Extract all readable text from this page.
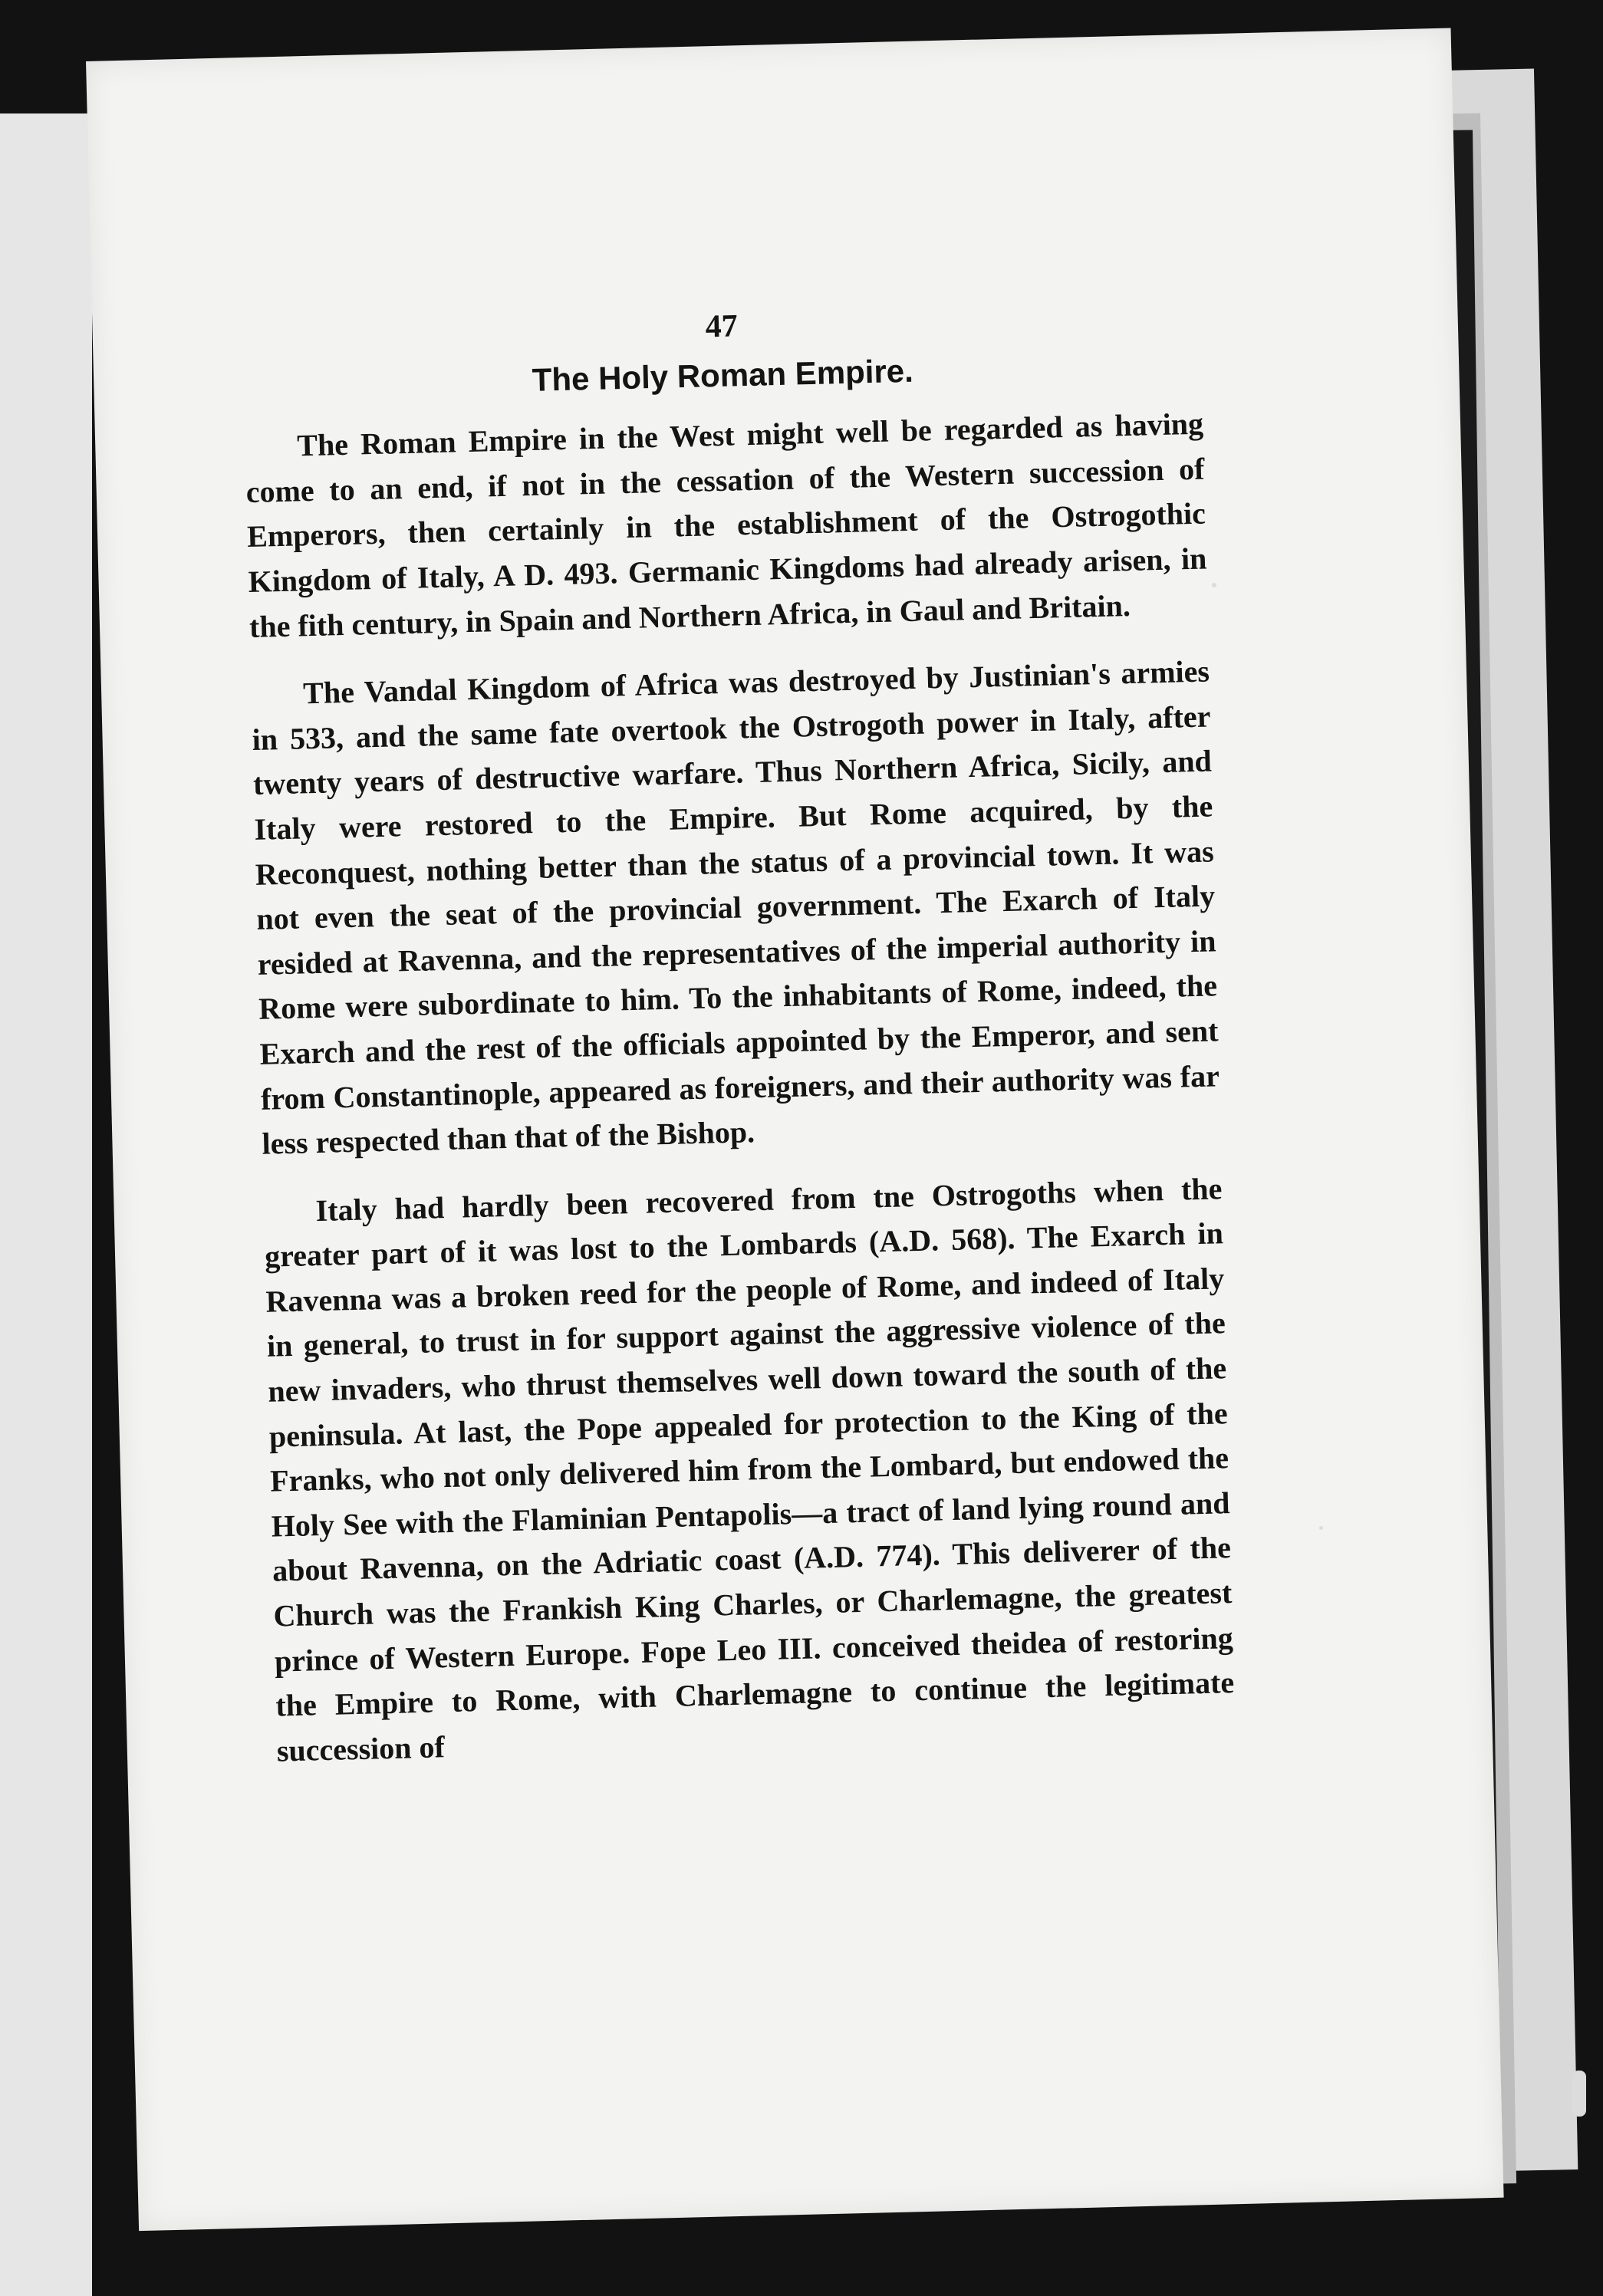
47
The Holy Roman Empire.

The Roman Empire in the West might well be regarded as having come to an end, if not in the cessation of the Western succession of Emperors, then certainly in the establishment of the Ostrogothic Kingdom of Italy, A D. 493. Germanic Kingdoms had already arisen, in the fith century, in Spain and Northern Africa, in Gaul and Britain.

The Vandal Kingdom of Africa was destroyed by Justinian's armies in 533, and the same fate overtook the Ostrogoth power in Italy, after twenty years of destructive warfare. Thus Northern Africa, Sicily, and Italy were restored to the Empire. But Rome acquired, by the Reconquest, nothing better than the status of a provincial town. It was not even the seat of the provincial government. The Exarch of Italy resided at Ravenna, and the representatives of the imperial authority in Rome were subordinate to him. To the inhabitants of Rome, indeed, the Exarch and the rest of the officials appointed by the Emperor, and sent from Constantinople, appeared as foreigners, and their authority was far less respected than that of the Bishop.

Italy had hardly been recovered from tne Ostrogoths when the greater part of it was lost to the Lombards (A.D. 568). The Exarch in Ravenna was a broken reed for the people of Rome, and indeed of Italy in general, to trust in for support against the aggressive violence of the new invaders, who thrust themselves well down toward the south of the peninsula. At last, the Pope appealed for protection to the King of the Franks, who not only delivered him from the Lombard, but endowed the Holy See with the Flaminian Pentapolis—a tract of land lying round and about Ravenna, on the Adriatic coast (A.D. 774). This deliverer of the Church was the Frankish King Charles, or Charlemagne, the greatest prince of Western Europe. Fope Leo III. conceived theidea of restoring the Empire to Rome, with Charlemagne to continue the legitimate succession of
